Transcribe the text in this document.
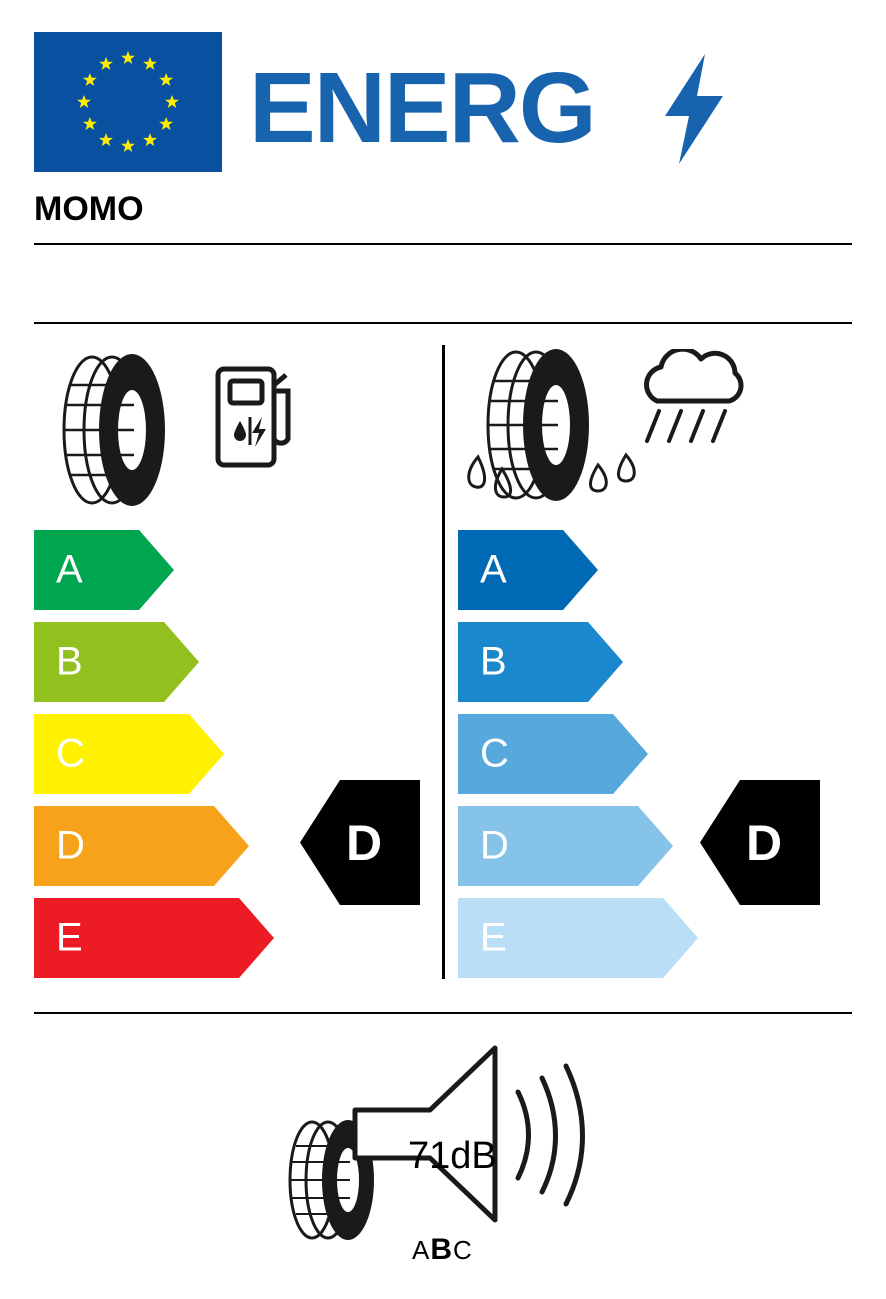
ENERG
MOMO
A
B
C
D
E
D
A
B
C
D
E
D
71dB
ABC
